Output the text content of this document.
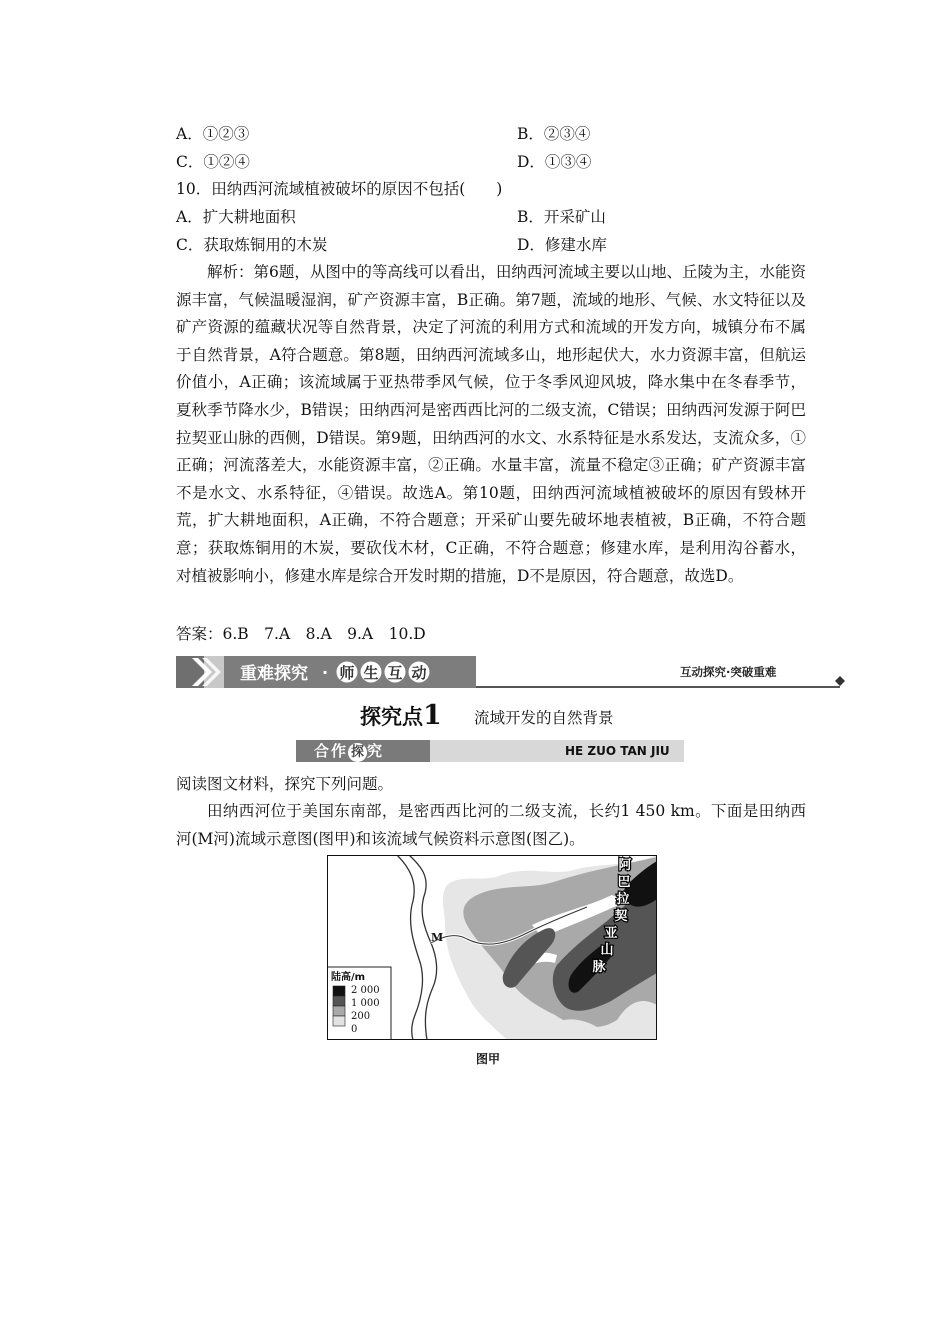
A．①②③	B．②③④
C．①②④	D．①③④
10．田纳西河流域植被破坏的原因不包括(　　)
A．扩大耕地面积	B．开采矿山
C．获取炼铜用的木炭	D．修建水库
解析：第6题，从图中的等高线可以看出，田纳西河流域主要以山地、丘陵为主，水能资源丰富，气候温暖湿润，矿产资源丰富，B正确。第7题，流域的地形、气候、水文特征以及矿产资源的蕴藏状况等自然背景，决定了河流的利用方式和流域的开发方向，城镇分布不属于自然背景，A符合题意。第8题，田纳西河流域多山，地形起伏大，水力资源丰富，但航运价值小，A正确；该流域属于亚热带季风气候，位于冬季风迎风坡，降水集中在冬春季节，夏秋季节降水少，B错误；田纳西河是密西西比河的二级支流，C错误；田纳西河发源于阿巴拉契亚山脉的西侧，D错误。第9题，田纳西河的水文、水系特征是水系发达，支流众多，①正确；河流落差大，水能资源丰富，②正确。水量丰富，流量不稳定③正确；矿产资源丰富不是水文、水系特征，④错误。故选A。第10题，田纳西河流域植被破坏的原因有毁林开荒，扩大耕地面积，A正确，不符合题意；开采矿山要先破坏地表植被，B正确，不符合题意；获取炼铜用的木炭，要砍伐木材，C正确，不符合题意；修建水库，是利用沟谷蓄水，对植被影响小，修建水库是综合开发时期的措施，D不是原因，符合题意，故选D。
答案：6.B　7.A　8.A　9.A　10.D
重难探究 · 师 生 互 动	互动探究·突破重难
探究点1 流域开发的自然背景
合作 探 究	HE ZUO TAN JIU
阅读图文材料，探究下列问题。
田纳西河位于美国东南部，是密西西比河的二级支流，长约1 450 km。下面是田纳西河(M河)流域示意图(图甲)和该流域气候资料示意图(图乙)。
M
阿
巴
拉
契
亚
山
脉
陆高/m
2 000
1 000
200
0
图甲
